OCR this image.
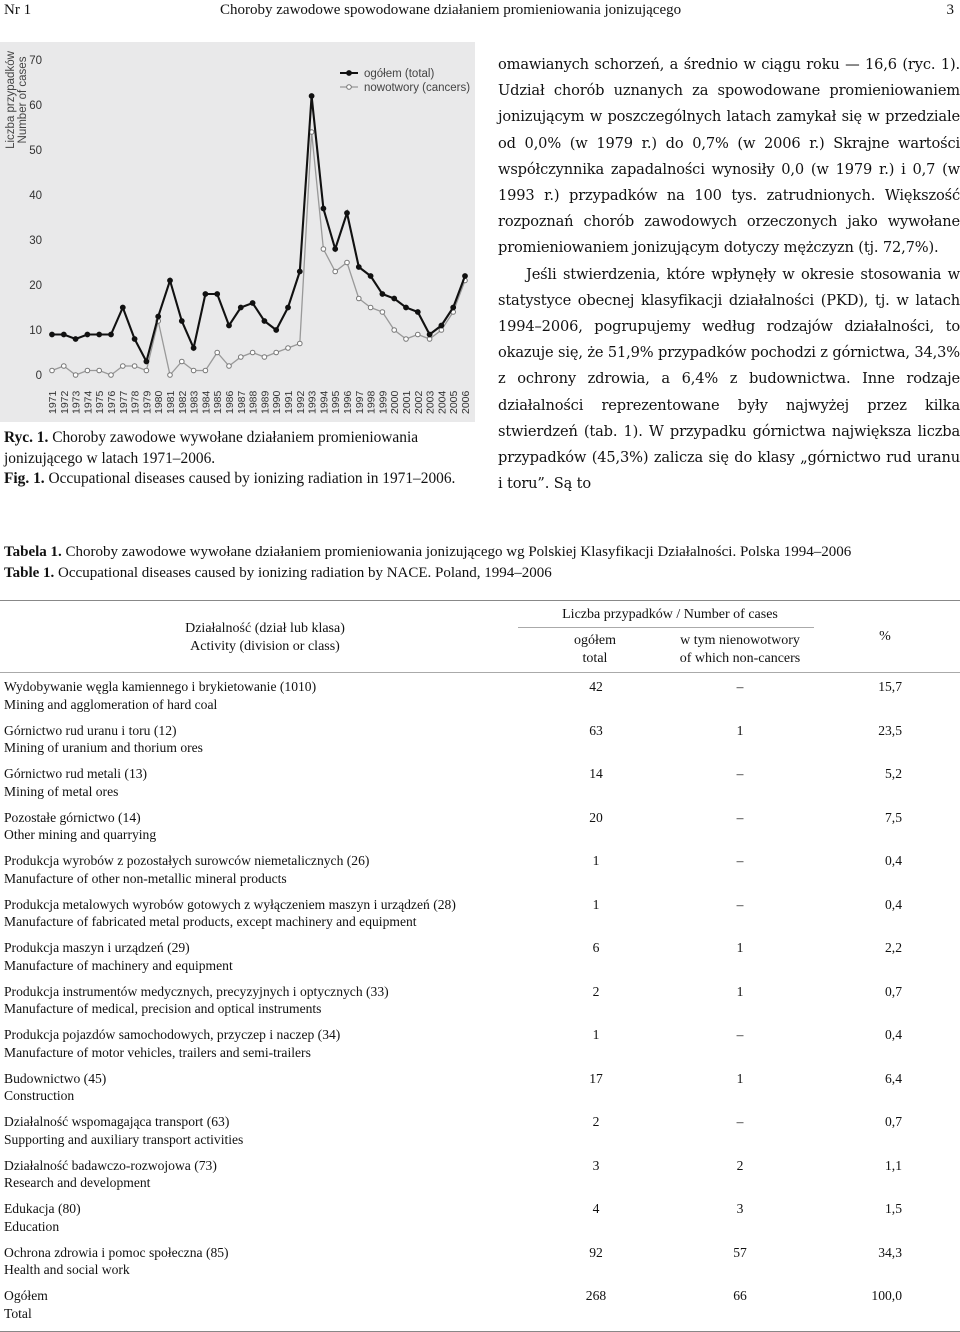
Nr 1	Choroby zawodowe spowodowane działaniem promieniowania jonizującego	3
Liczba przypadków Number of cases
0
10
20
30
40
50
60
70
1971 1972 1973 1974 1975 1976 1977 1978 1979 1980 1981 1982 1983 1984 1985 1986 1987 1988 1989 1990 1991 1992 1993 1994 1995 1996 1997 1998 1999 2000 2001 2002 2003 2004 2005 2006
ogółem (total)
nowotwory (cancers)
Ryc. 1. Choroby zawodowe wywołane działaniem promieniowania jonizującego w latach 1971–2006.
Fig. 1. Occupational diseases caused by ionizing radiation in 1971–2006.

omawianych schorzeń, a średnio w ciągu roku — 16,6 (ryc. 1). Udział chorób uznanych za spowodowane promieniowaniem jonizującym w poszczególnych latach zamykał się w przedziale od 0,0% (w 1979 r.) do 0,7% (w 2006 r.) Skrajne wartości współczynnika zapadalności wynosiły 0,0 (w 1979 r.) i 0,7 (w 1993 r.) przypadków na 100 tys. zatrudnionych. Większość rozpoznań chorób zawodowych orzeczonych jako wywołane promieniowaniem jonizującym dotyczy mężczyzn (tj. 72,7%).

Jeśli stwierdzenia, które wpłynęły w okresie stosowania w statystyce obecnej klasyfikacji działalności (PKD), tj. w latach 1994–2006, pogrupujemy według rodzajów działalności, to okazuje się, że 51,9% przypadków pochodzi z górnictwa, 34,3% z ochrony zdrowia, a 6,4% z budownictwa. Inne rodzaje działalności reprezentowane były najwyżej przez kilka stwierdzeń (tab. 1). W przypadku górnictwa największa liczba przypadków (45,3%) zalicza się do klasy „górnictwo rud uranu i toru”. Są to

Tabela 1. Choroby zawodowe wywołane działaniem promieniowania jonizującego wg Polskiej Klasyfikacji Działalności. Polska 1994–2006
Table 1. Occupational diseases caused by ionizing radiation by NACE. Poland, 1994–2006
Działalność (dział lub klasa)
Activity (division or class)
Liczba przypadków / Number of cases
ogółem
total
w tym nienowotwory
of which non-cancers
%
Wydobywanie węgla kamiennego i brykietowanie (1010)
Mining and agglomeration of hard coal
42	–	15,7
Górnictwo rud uranu i toru (12)
Mining of uranium and thorium ores
63	1	23,5
Górnictwo rud metali (13)
Mining of metal ores
14	–	5,2
Pozostałe górnictwo (14)
Other mining and quarrying
20	–	7,5
Produkcja wyrobów z pozostałych surowców niemetalicznych (26)
Manufacture of other non-metallic mineral products
1	–	0,4
Produkcja metalowych wyrobów gotowych z wyłączeniem maszyn i urządzeń (28)
Manufacture of fabricated metal products, except machinery and equipment
1	–	0,4
Produkcja maszyn i urządzeń (29)
Manufacture of machinery and equipment
6	1	2,2
Produkcja instrumentów medycznych, precyzyjnych i optycznych (33)
Manufacture of medical, precision and optical instruments
2	1	0,7
Produkcja pojazdów samochodowych, przyczep i naczep (34)
Manufacture of motor vehicles, trailers and semi-trailers
1	–	0,4
Budownictwo (45)
Construction
17	1	6,4
Działalność wspomagająca transport (63)
Supporting and auxiliary transport activities
2	–	0,7
Działalność badawczo-rozwojowa (73)
Research and development
3	2	1,1
Edukacja (80)
Education
4	3	1,5
Ochrona zdrowia i pomoc społeczna (85)
Health and social work
92	57	34,3
Ogółem
Total
268	66	100,0
